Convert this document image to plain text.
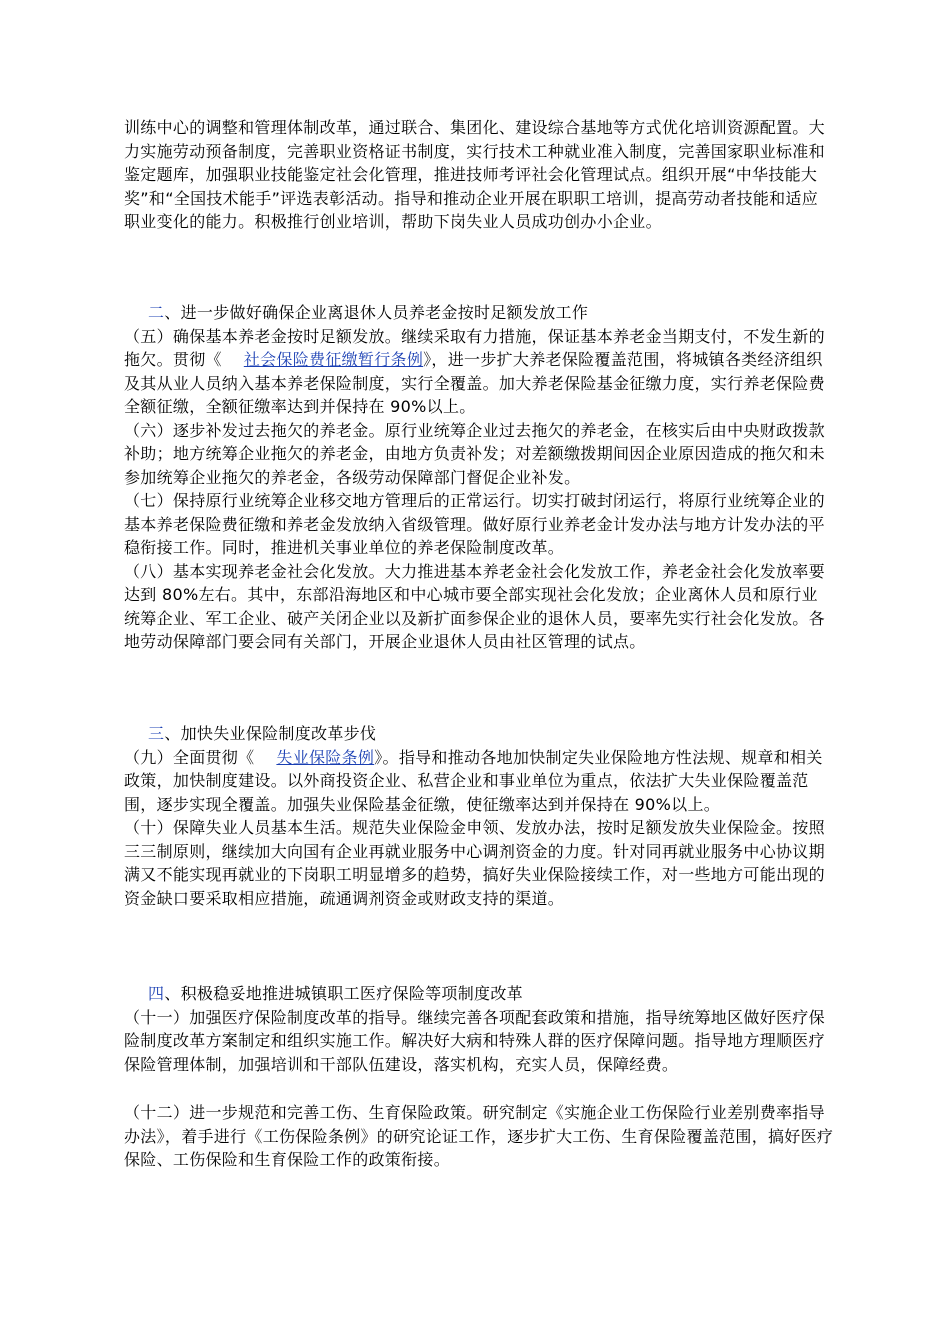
训练中心的调整和管理体制改革，通过联合、集团化、建设综合基地等方式优化培训资源配置。大力实施劳动预备制度，完善职业资格证书制度，实行技术工种就业准入制度，完善国家职业标准和鉴定题库，加强职业技能鉴定社会化管理，推进技师考评社会化管理试点。组织开展“中华技能大奖”和“全国技术能手”评选表彰活动。指导和推动企业开展在职职工培训，提高劳动者技能和适应职业变化的能力。积极推行创业培训，帮助下岗失业人员成功创办小企业。

二、进一步做好确保企业离退休人员养老金按时足额发放工作

（五）确保基本养老金按时足额发放。继续采取有力措施，保证基本养老金当期支付，不发生新的拖欠。贯彻《 社会保险费征缴暂行条例》，进一步扩大养老保险覆盖范围，将城镇各类经济组织及其从业人员纳入基本养老保险制度，实行全覆盖。加大养老保险基金征缴力度，实行养老保险费全额征缴，全额征缴率达到并保持在 90%以上。

（六）逐步补发过去拖欠的养老金。原行业统筹企业过去拖欠的养老金，在核实后由中央财政拨款补助；地方统筹企业拖欠的养老金，由地方负责补发；对差额缴拨期间因企业原因造成的拖欠和未参加统筹企业拖欠的养老金，各级劳动保障部门督促企业补发。

（七）保持原行业统筹企业移交地方管理后的正常运行。切实打破封闭运行，将原行业统筹企业的基本养老保险费征缴和养老金发放纳入省级管理。做好原行业养老金计发办法与地方计发办法的平稳衔接工作。同时，推进机关事业单位的养老保险制度改革。

（八）基本实现养老金社会化发放。大力推进基本养老金社会化发放工作，养老金社会化发放率要达到 80%左右。其中，东部沿海地区和中心城市要全部实现社会化发放；企业离休人员和原行业统筹企业、军工企业、破产关闭企业以及新扩面参保企业的退休人员，要率先实行社会化发放。各地劳动保障部门要会同有关部门，开展企业退休人员由社区管理的试点。

三、加快失业保险制度改革步伐

（九）全面贯彻《 失业保险条例》。指导和推动各地加快制定失业保险地方性法规、规章和相关政策，加快制度建设。以外商投资企业、私营企业和事业单位为重点，依法扩大失业保险覆盖范围，逐步实现全覆盖。加强失业保险基金征缴，使征缴率达到并保持在 90%以上。

（十）保障失业人员基本生活。规范失业保险金申领、发放办法，按时足额发放失业保险金。按照三三制原则，继续加大向国有企业再就业服务中心调剂资金的力度。针对同再就业服务中心协议期满又不能实现再就业的下岗职工明显增多的趋势，搞好失业保险接续工作，对一些地方可能出现的资金缺口要采取相应措施，疏通调剂资金或财政支持的渠道。

四、积极稳妥地推进城镇职工医疗保险等项制度改革

（十一）加强医疗保险制度改革的指导。继续完善各项配套政策和措施，指导统筹地区做好医疗保险制度改革方案制定和组织实施工作。解决好大病和特殊人群的医疗保障问题。指导地方理顺医疗保险管理体制，加强培训和干部队伍建设，落实机构，充实人员，保障经费。

（十二）进一步规范和完善工伤、生育保险政策。研究制定《实施企业工伤保险行业差别费率指导办法》，着手进行《工伤保险条例》的研究论证工作，逐步扩大工伤、生育保险覆盖范围，搞好医疗保险、工伤保险和生育保险工作的政策衔接。
